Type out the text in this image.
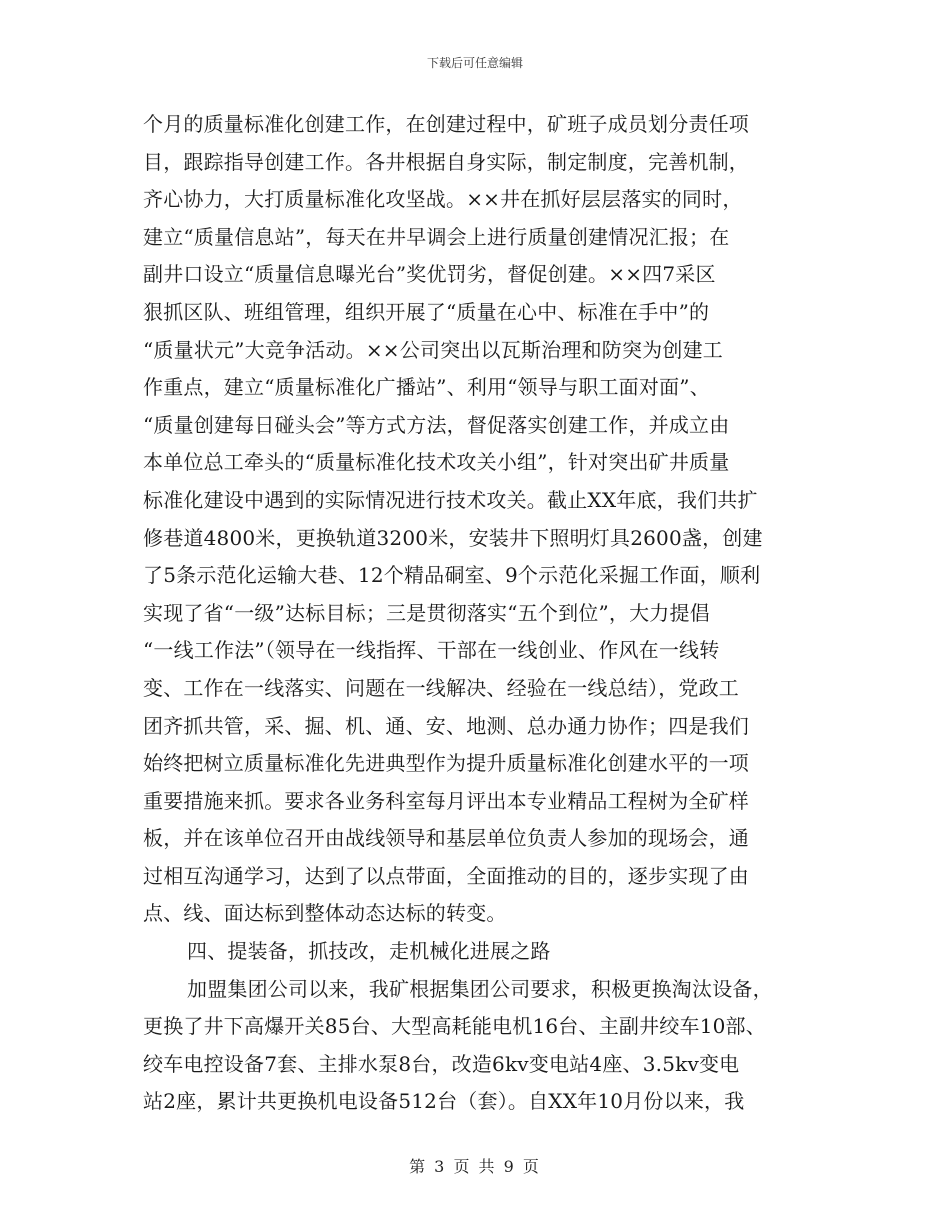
下载后可任意编辑
个月的质量标准化创建工作，在创建过程中，矿班子成员划分责任项
目，跟踪指导创建工作。各井根据自身实际，制定制度，完善机制，
齐心协力，大打质量标准化攻坚战。××井在抓好层层落实的同时，
建立“质量信息站”，每天在井早调会上进行质量创建情况汇报；在
副井口设立“质量信息曝光台”奖优罚劣，督促创建。××四7采区
狠抓区队、班组管理，组织开展了“质量在心中、标准在手中”的
“质量状元”大竞争活动。××公司突出以瓦斯治理和防突为创建工
作重点，建立“质量标准化广播站”、利用“领导与职工面对面”、
“质量创建每日碰头会”等方式方法，督促落实创建工作，并成立由
本单位总工牵头的“质量标准化技术攻关小组”，针对突出矿井质量
标准化建设中遇到的实际情况进行技术攻关。截止XX年底，我们共扩
修巷道4800米，更换轨道3200米，安装井下照明灯具2600盏，创建
了5条示范化运输大巷、12个精品硐室、9个示范化采掘工作面，顺利
实现了省“一级”达标目标；三是贯彻落实“五个到位”，大力提倡
“一线工作法”（领导在一线指挥、干部在一线创业、作风在一线转
变、工作在一线落实、问题在一线解决、经验在一线总结），党政工
团齐抓共管，采、掘、机、通、安、地测、总办通力协作；四是我们
始终把树立质量标准化先进典型作为提升质量标准化创建水平的一项
重要措施来抓。要求各业务科室每月评出本专业精品工程树为全矿样
板，并在该单位召开由战线领导和基层单位负责人参加的现场会，通
过相互沟通学习，达到了以点带面，全面推动的目的，逐步实现了由
点、线、面达标到整体动态达标的转变。
四、提装备，抓技改，走机械化进展之路
加盟集团公司以来，我矿根据集团公司要求，积极更换淘汰设备，
更换了井下高爆开关85台、大型高耗能电机16台、主副井绞车10部、
绞车电控设备7套、主排水泵8台，改造6kv变电站4座、3.5kv变电
站2座，累计共更换机电设备512台（套）。自XX年10月份以来，我
第 3 页 共 9 页
